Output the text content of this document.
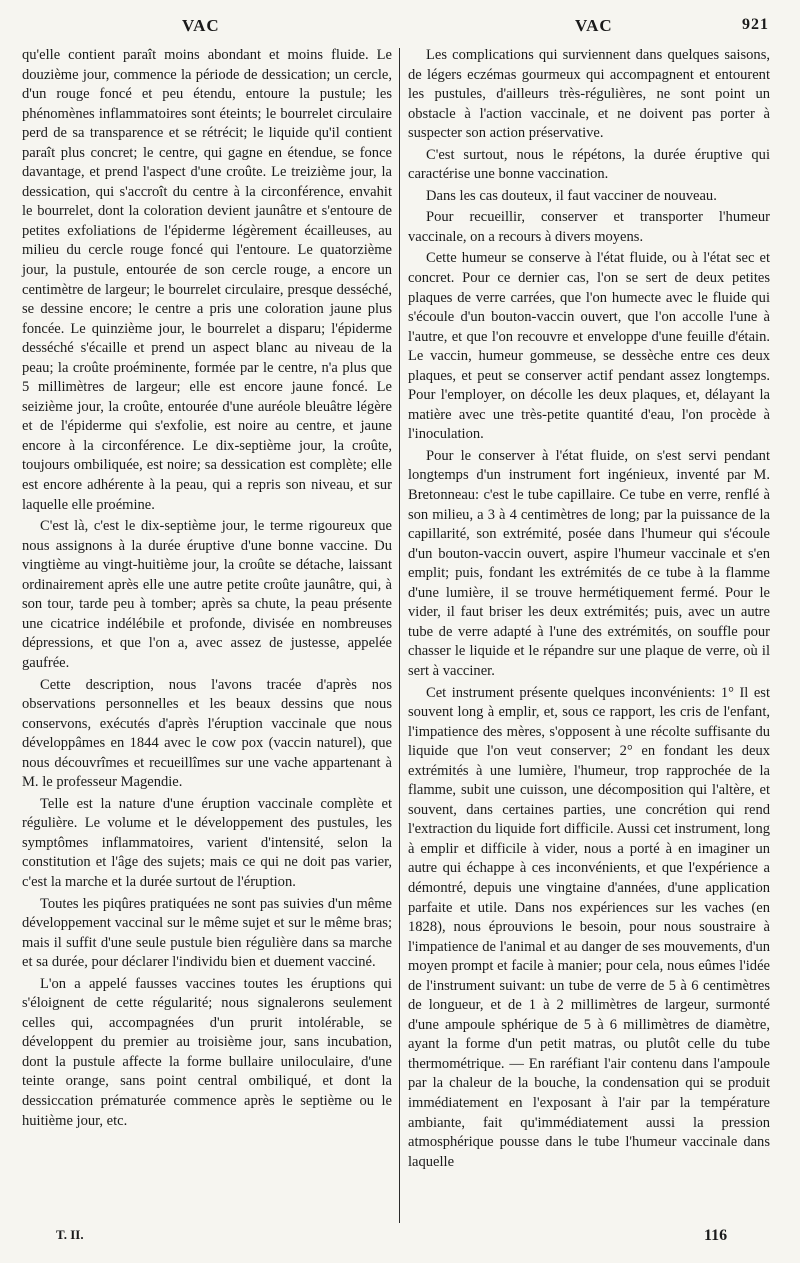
VAC	VAC	921

qu'elle contient paraît moins abondant et moins fluide. Le douzième jour, commence la période de dessication; un cercle, d'un rouge foncé et peu étendu, entoure la pustule; les phénomènes inflammatoires sont éteints; le bourrelet circulaire perd de sa transparence et se rétrécit; le liquide qu'il contient paraît plus concret; le centre, qui gagne en étendue, se fonce davantage, et prend l'aspect d'une croûte. Le treizième jour, la dessication, qui s'accroît du centre à la circonférence, envahit le bourrelet, dont la coloration devient jaunâtre et s'entoure de petites exfoliations de l'épiderme légèrement écailleuses, au milieu du cercle rouge foncé qui l'entoure. Le quatorzième jour, la pustule, entourée de son cercle rouge, a encore un centimètre de largeur; le bourrelet circulaire, presque desséché, se dessine encore; le centre a pris une coloration jaune plus foncée. Le quinzième jour, le bourrelet a disparu; l'épiderme desséché s'écaille et prend un aspect blanc au niveau de la peau; la croûte proéminente, formée par le centre, n'a plus que 5 millimètres de largeur; elle est encore jaune foncé. Le seizième jour, la croûte, entourée d'une auréole bleuâtre légère et de l'épiderme qui s'exfolie, est noire au centre, et jaune encore à la circonférence. Le dix-septième jour, la croûte, toujours ombiliquée, est noire; sa dessication est complète; elle est encore adhérente à la peau, qui a repris son niveau, et sur laquelle elle proémine.

C'est là, c'est le dix-septième jour, le terme rigoureux que nous assignons à la durée éruptive d'une bonne vaccine. Du vingtième au vingt-huitième jour, la croûte se détache, laissant ordinairement après elle une autre petite croûte jaunâtre, qui, à son tour, tarde peu à tomber; après sa chute, la peau présente une cicatrice indélébile et profonde, divisée en nombreuses dépressions, et que l'on a, avec assez de justesse, appelée gaufrée.

Cette description, nous l'avons tracée d'après nos observations personnelles et les beaux dessins que nous conservons, exécutés d'après l'éruption vaccinale que nous développâmes en 1844 avec le cow pox (vaccin naturel), que nous découvrîmes et recueillîmes sur une vache appartenant à M. le professeur Magendie.

Telle est la nature d'une éruption vaccinale complète et régulière. Le volume et le développement des pustules, les symptômes inflammatoires, varient d'intensité, selon la constitution et l'âge des sujets; mais ce qui ne doit pas varier, c'est la marche et la durée surtout de l'éruption.

Toutes les piqûres pratiquées ne sont pas suivies d'un même développement vaccinal sur le même sujet et sur le même bras; mais il suffit d'une seule pustule bien régulière dans sa marche et sa durée, pour déclarer l'individu bien et duement vacciné.

L'on a appelé fausses vaccines toutes les éruptions qui s'éloignent de cette régularité; nous signalerons seulement celles qui, accompagnées d'un prurit intolérable, se développent du premier au troisième jour, sans incubation, dont la pustule affecte la forme bullaire uniloculaire, d'une teinte orange, sans point central ombiliqué, et dont la dessiccation prématurée commence après le septième ou le huitième jour, etc.

Les complications qui surviennent dans quelques saisons, de légers eczémas gourmeux qui accompagnent et entourent les pustules, d'ailleurs très-régulières, ne sont point un obstacle à l'action vaccinale, et ne doivent pas porter à suspecter son action préservative.

C'est surtout, nous le répétons, la durée éruptive qui caractérise une bonne vaccination.

Dans les cas douteux, il faut vacciner de nouveau.

Pour recueillir, conserver et transporter l'humeur vaccinale, on a recours à divers moyens.

Cette humeur se conserve à l'état fluide, ou à l'état sec et concret. Pour ce dernier cas, l'on se sert de deux petites plaques de verre carrées, que l'on humecte avec le fluide qui s'écoule d'un bouton-vaccin ouvert, que l'on accolle l'une à l'autre, et que l'on recouvre et enveloppe d'une feuille d'étain. Le vaccin, humeur gommeuse, se dessèche entre ces deux plaques, et peut se conserver actif pendant assez longtemps. Pour l'employer, on décolle les deux plaques, et, délayant la matière avec une très-petite quantité d'eau, l'on procède à l'inoculation.

Pour le conserver à l'état fluide, on s'est servi pendant longtemps d'un instrument fort ingénieux, inventé par M. Bretonneau: c'est le tube capillaire. Ce tube en verre, renflé à son milieu, a 3 à 4 centimètres de long; par la puissance de la capillarité, son extrémité, posée dans l'humeur qui s'écoule d'un bouton-vaccin ouvert, aspire l'humeur vaccinale et s'en emplit; puis, fondant les extrémités de ce tube à la flamme d'une lumière, il se trouve hermétiquement fermé. Pour le vider, il faut briser les deux extrémités; puis, avec un autre tube de verre adapté à l'une des extrémités, on souffle pour chasser le liquide et le répandre sur une plaque de verre, où il sert à vacciner.

Cet instrument présente quelques inconvénients: 1° Il est souvent long à emplir, et, sous ce rapport, les cris de l'enfant, l'impatience des mères, s'opposent à une récolte suffisante du liquide que l'on veut conserver; 2° en fondant les deux extrémités à une lumière, l'humeur, trop rapprochée de la flamme, subit une cuisson, une décomposition qui l'altère, et souvent, dans certaines parties, une concrétion qui rend l'extraction du liquide fort difficile. Aussi cet instrument, long à emplir et difficile à vider, nous a porté à en imaginer un autre qui échappe à ces inconvénients, et que l'expérience a démontré, depuis une vingtaine d'années, d'une application parfaite et utile. Dans nos expériences sur les vaches (en 1828), nous éprouvions le besoin, pour nous soustraire à l'impatience de l'animal et au danger de ses mouvements, d'un moyen prompt et facile à manier; pour cela, nous eûmes l'idée de l'instrument suivant: un tube de verre de 5 à 6 centimètres de longueur, et de 1 à 2 millimètres de largeur, surmonté d'une ampoule sphérique de 5 à 6 millimètres de diamètre, ayant la forme d'un petit matras, ou plutôt celle du tube thermométrique. — En raréfiant l'air contenu dans l'ampoule par la chaleur de la bouche, la condensation qui se produit immédiatement en l'exposant à l'air par la température ambiante, fait qu'immédiatement aussi la pression atmosphérique pousse dans le tube l'humeur vaccinale dans laquelle

T. II.	116
